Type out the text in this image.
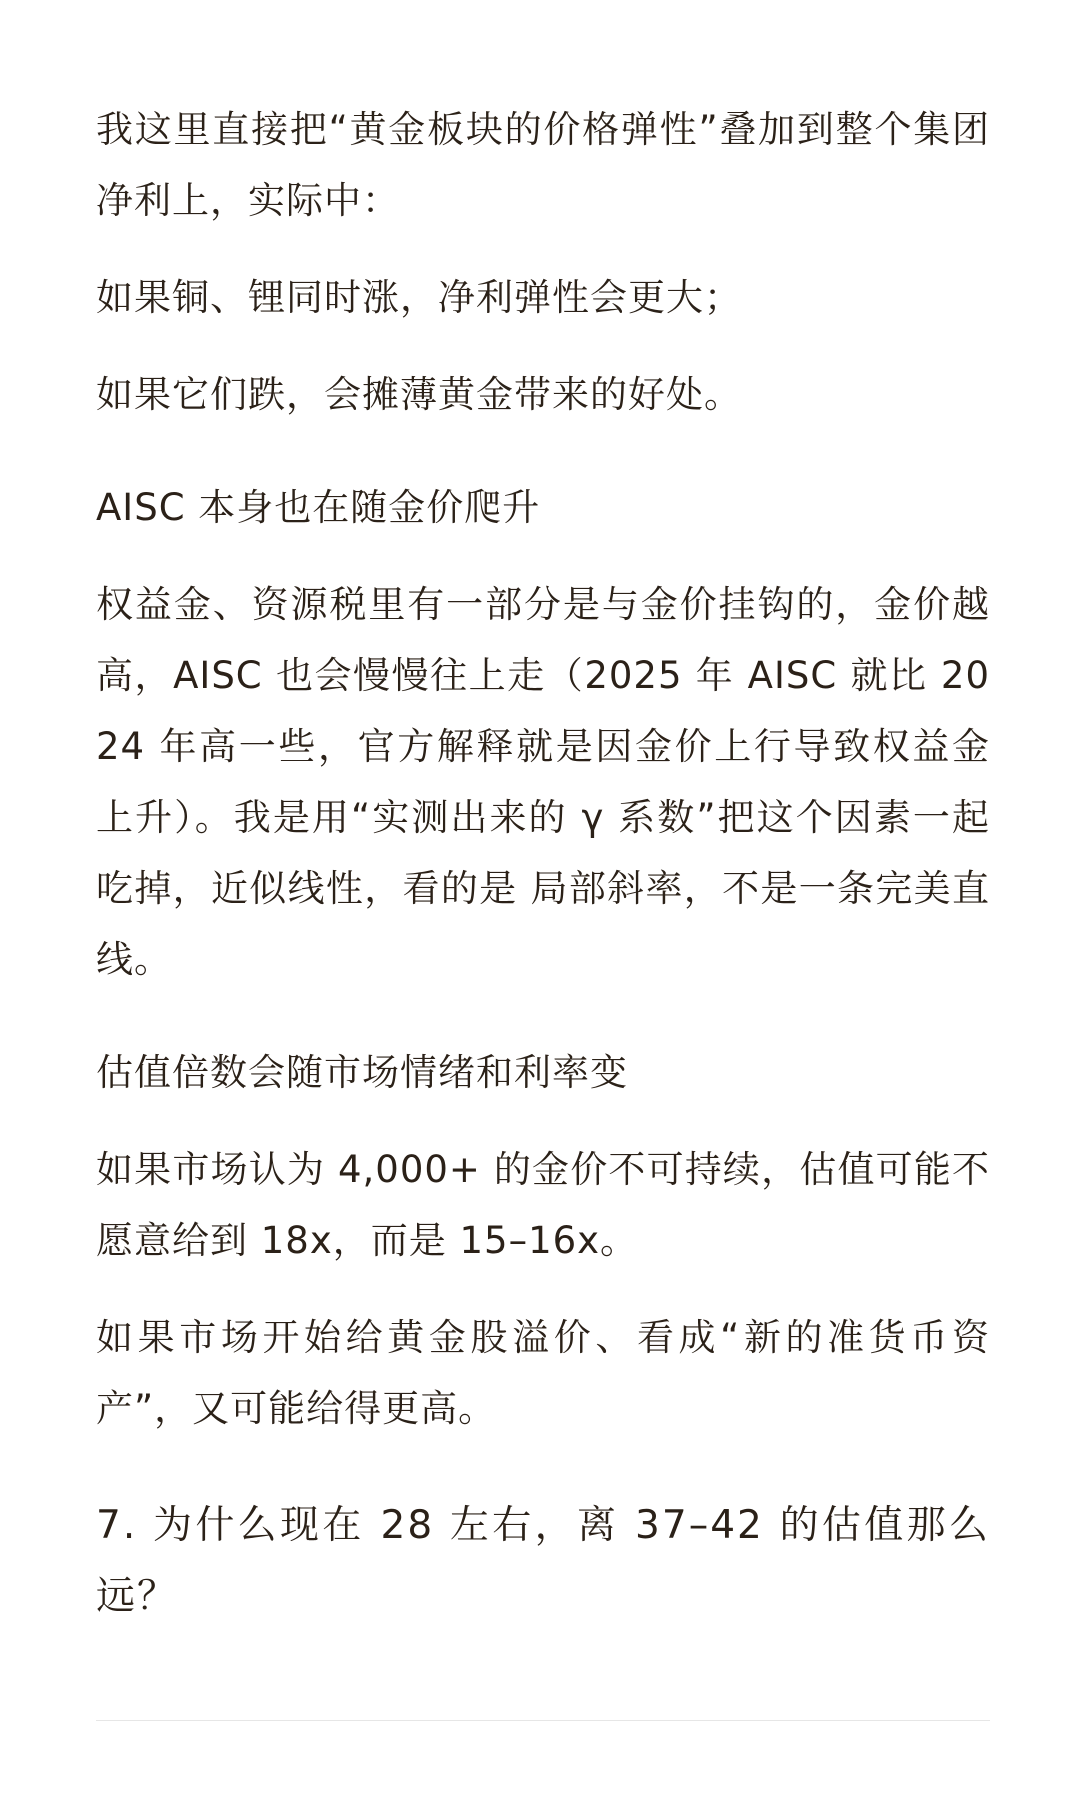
我这里直接把“黄金板块的价格弹性”叠加到整个集团净利上，实际中：

如果铜、锂同时涨，净利弹性会更大；

如果它们跌，会摊薄黄金带来的好处。

AISC 本身也在随金价爬升

权益金、资源税里有一部分是与金价挂钩的，金价越高，AISC 也会慢慢往上走（2025 年 AISC 就比 2024 年高一些，官方解释就是因金价上行导致权益金上升）。我是用“实测出来的 γ 系数”把这个因素一起吃掉，近似线性，看的是 局部斜率，不是一条完美直线。

估值倍数会随市场情绪和利率变

如果市场认为 4,000+ 的金价不可持续，估值可能不愿意给到 18x，而是 15–16x。

如果市场开始给黄金股溢价、看成“新的准货币资产”，又可能给得更高。

7. 为什么现在 28 左右，离 37–42 的估值那么远？
